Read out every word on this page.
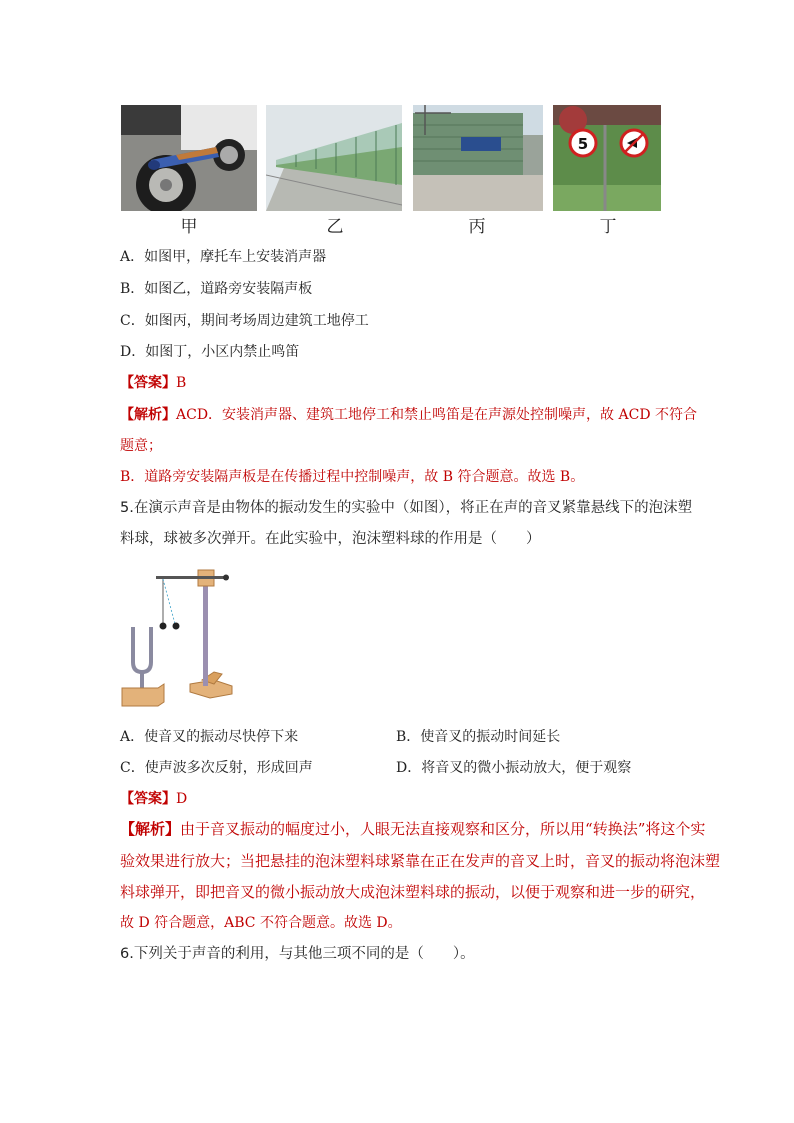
5
甲	乙	丙	丁
A．如图甲，摩托车上安装消声器
B．如图乙，道路旁安装隔声板
C．如图丙，期间考场周边建筑工地停工
D．如图丁，小区内禁止鸣笛
【答案】B
【解析】ACD．安装消声器、建筑工地停工和禁止鸣笛是在声源处控制噪声，故 ACD 不符合
题意；
B．道路旁安装隔声板是在传播过程中控制噪声，故 B 符合题意。故选 B。
5.在演示声音是由物体的振动发生的实验中（如图），将正在声的音叉紧靠悬线下的泡沫塑
料球，球被多次弹开。在此实验中，泡沫塑料球的作用是（　　）
A．使音叉的振动尽快停下来	B．使音叉的振动时间延长
C．使声波多次反射，形成回声	D．将音叉的微小振动放大，便于观察
【答案】D
【解析】由于音叉振动的幅度过小，人眼无法直接观察和区分，所以用“转换法”将这个实
验效果进行放大；当把悬挂的泡沫塑料球紧靠在正在发声的音叉上时，音叉的振动将泡沫塑
料球弹开，即把音叉的微小振动放大成泡沫塑料球的振动，以便于观察和进一步的研究，
故 D 符合题意，ABC 不符合题意。故选 D。
6.下列关于声音的利用，与其他三项不同的是（　　）。
